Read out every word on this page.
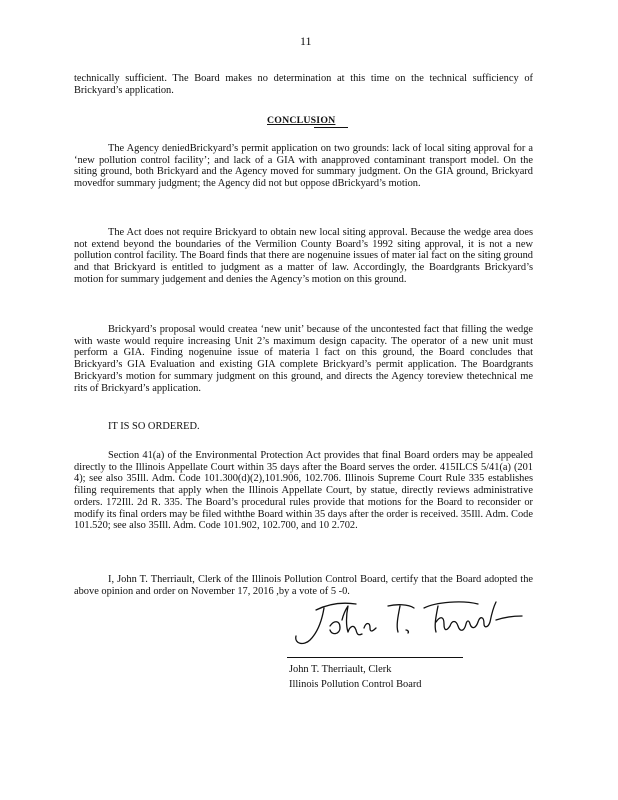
11

technically sufficient. The Board makes no determination at this time on the technical sufficiency of Brickyard’s application.

CONCLUSION

The Agency deniedBrickyard’s permit application on two grounds: lack of local siting approval for a ‘new pollution control facility’; and lack of a GIA with anapproved contaminant transport model. On the siting ground, both Brickyard and the Agency moved for summary judgment. On the GIA ground, Brickyard movedfor summary judgment; the Agency did not but oppose dBrickyard’s motion.

The Act does not require Brickyard to obtain new local siting approval. Because the wedge area does not extend beyond the boundaries of the Vermilion County Board’s 1992 siting approval, it is not a new pollution control facility. The Board finds that there are nogenuine issues of mater ial fact on the siting ground and that Brickyard is entitled to judgment as a matter of law. Accordingly, the Boardgrants Brickyard’s motion for summary judgement and denies the Agency’s motion on this ground.

Brickyard’s proposal would createa ‘new unit’ because of the uncontested fact that filling the wedge with waste would require increasing Unit 2’s maximum design capacity. The operator of a new unit must perform a GIA. Finding nogenuine issue of materia l fact on this ground, the Board concludes that Brickyard’s GIA Evaluation and existing GIA complete Brickyard’s permit application. The Boardgrants Brickyard’s motion for summary judgment on this ground, and directs the Agency toreview thetechnical me rits of Brickyard’s application.

IT IS SO ORDERED.

Section 41(a) of the Environmental Protection Act provides that final Board orders may be appealed directly to the Illinois Appellate Court within 35 days after the Board serves the order. 415ILCS 5/41(a) (201 4); see also 35Ill. Adm. Code 101.300(d)(2),101.906, 102.706. Illinois Supreme Court Rule 335 establishes filing requirements that apply when the Illinois Appellate Court, by statue, directly reviews administrative orders. 172Ill. 2d R. 335. The Board’s procedural rules provide that motions for the Board to reconsider or modify its final orders may be filed withthe Board within 35 days after the order is received. 35Ill. Adm. Code 101.520; see also 35Ill. Adm. Code 101.902, 102.700, and 10 2.702.

I, John T. Therriault, Clerk of the Illinois Pollution Control Board, certify that the Board adopted the above opinion and order on November 17, 2016 ,by a vote of 5 -0.

John T. Therriault, Clerk
Illinois Pollution Control Board
